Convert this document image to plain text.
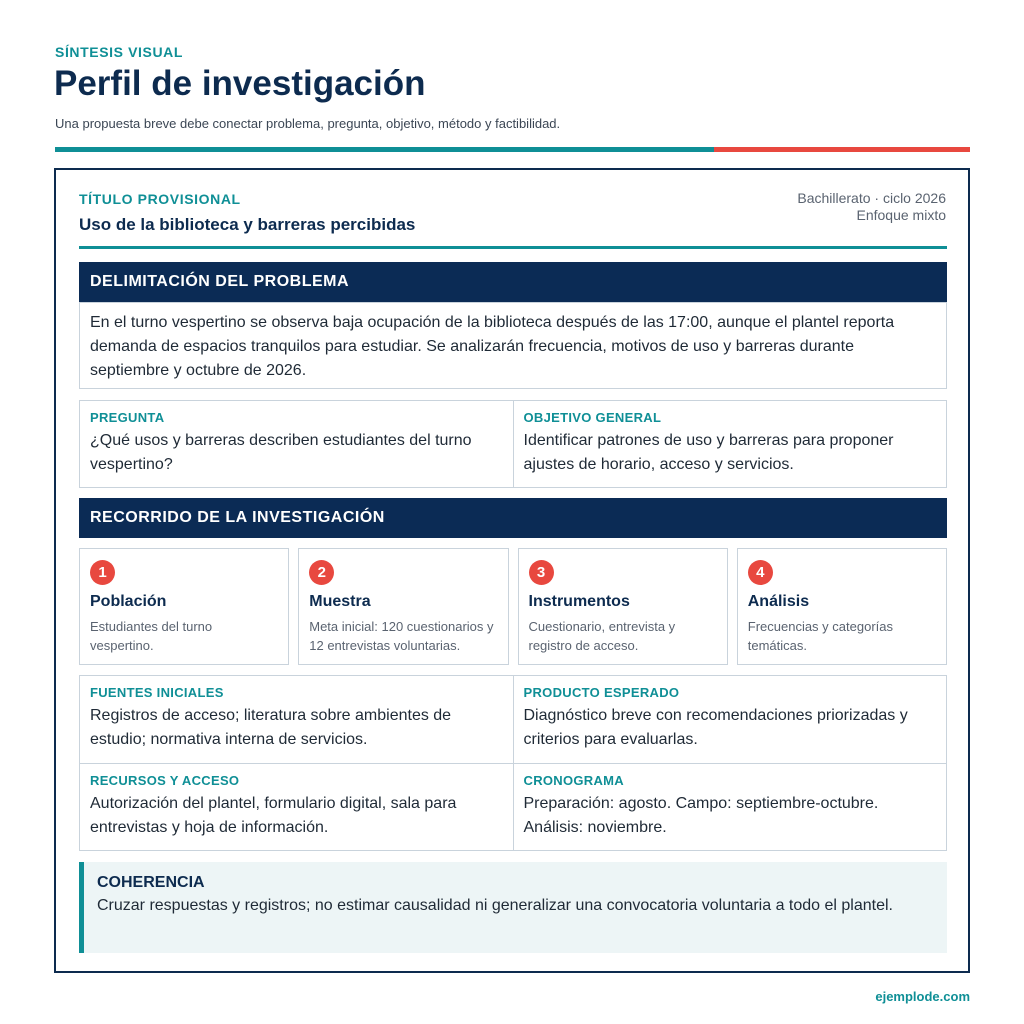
SÍNTESIS VISUAL
Perfil de investigación

Una propuesta breve debe conectar problema, pregunta, objetivo, método y factibilidad.

TÍTULO PROVISIONAL
Uso de la biblioteca y barreras percibidas
Bachillerato · ciclo 2026
Enfoque mixto
DELIMITACIÓN DEL PROBLEMA

En el turno vespertino se observa baja ocupación de la biblioteca después de las 17:00, aunque el plantel reporta demanda de espacios tranquilos para estudiar. Se analizarán frecuencia, motivos de uso y barreras durante septiembre y octubre de 2026.

PREGUNTA

¿Qué usos y barreras describen estudiantes del turno vespertino?

OBJETIVO GENERAL

Identificar patrones de uso y barreras para proponer ajustes de horario, acceso y servicios.

RECORRIDO DE LA INVESTIGACIÓN
1
Población
Estudiantes del turno vespertino.
2
Muestra
Meta inicial: 120 cuestionarios y 12 entrevistas voluntarias.
3
Instrumentos
Cuestionario, entrevista y registro de acceso.
4
Análisis
Frecuencias y categorías temáticas.
FUENTES INICIALES

Registros de acceso; literatura sobre ambientes de estudio; normativa interna de servicios.

PRODUCTO ESPERADO

Diagnóstico breve con recomendaciones priorizadas y criterios para evaluarlas.

RECURSOS Y ACCESO

Autorización del plantel, formulario digital, sala para entrevistas y hoja de información.

CRONOGRAMA

Preparación: agosto. Campo: septiembre-octubre. Análisis: noviembre.

COHERENCIA

Cruzar respuestas y registros; no estimar causalidad ni generalizar una convocatoria voluntaria a todo el plantel.

ejemplode.com
